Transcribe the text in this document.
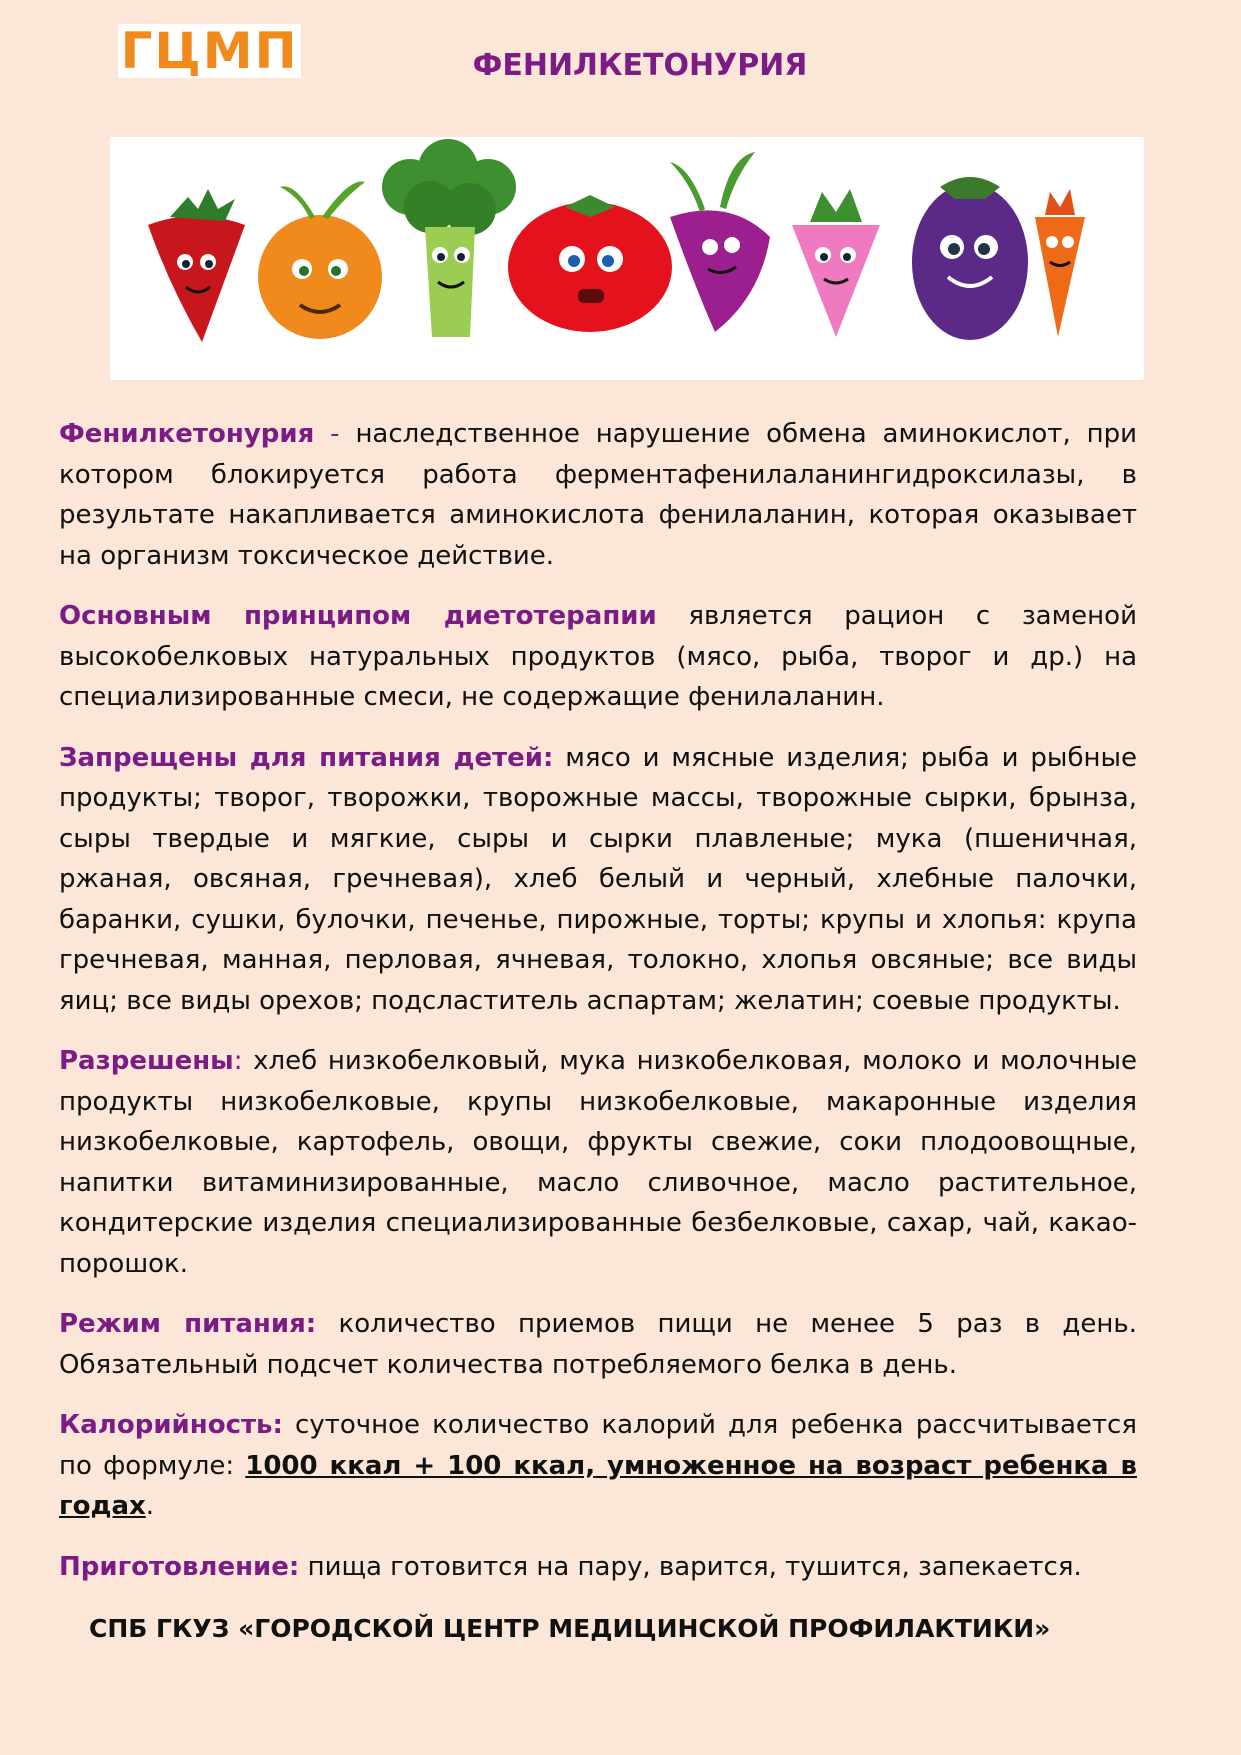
ГЦМП	ФЕНИЛКЕТОНУРИЯ

Фенилкетонурия - наследственное нарушение обмена аминокислот, при котором блокируется работа ферментафенилаланингидроксилазы, в результате накапливается аминокислота фенилаланин, которая оказывает на организм токсическое действие.

Основным принципом диетотерапии является рацион с заменой высокобелковых натуральных продуктов (мясо, рыба, творог и др.) на специализированные смеси, не содержащие фенилаланин.

Запрещены для питания детей: мясо и мясные изделия; рыба и рыбные продукты; творог, творожки, творожные массы, творожные сырки, брынза, сыры твердые и мягкие, сыры и сырки плавленые; мука (пшеничная, ржаная, овсяная, гречневая), хлеб белый и черный, хлебные палочки, баранки, сушки, булочки, печенье, пирожные, торты; крупы и хлопья: крупа гречневая, манная, перловая, ячневая, толокно, хлопья овсяные; все виды яиц; все виды орехов; подсластитель аспартам; желатин; соевые продукты.

Разрешены: хлеб низкобелковый, мука низкобелковая, молоко и молочные продукты низкобелковые, крупы низкобелковые, макаронные изделия низкобелковые, картофель, овощи, фрукты свежие, соки плодоовощные, напитки витаминизированные, масло сливочное, масло растительное, кондитерские изделия специализированные безбелковые, сахар, чай, какао-порошок.

Режим питания: количество приемов пищи не менее 5 раз в день. Обязательный подсчет количества потребляемого белка в день.

Калорийность: суточное количество калорий для ребенка рассчитывается по формуле: 1000 ккал + 100 ккал, умноженное на возраст ребенка в годах.

Приготовление: пища готовится на пару, варится, тушится, запекается.

СПБ ГКУЗ «ГОРОДСКОЙ ЦЕНТР МЕДИЦИНСКОЙ ПРОФИЛАКТИКИ»
